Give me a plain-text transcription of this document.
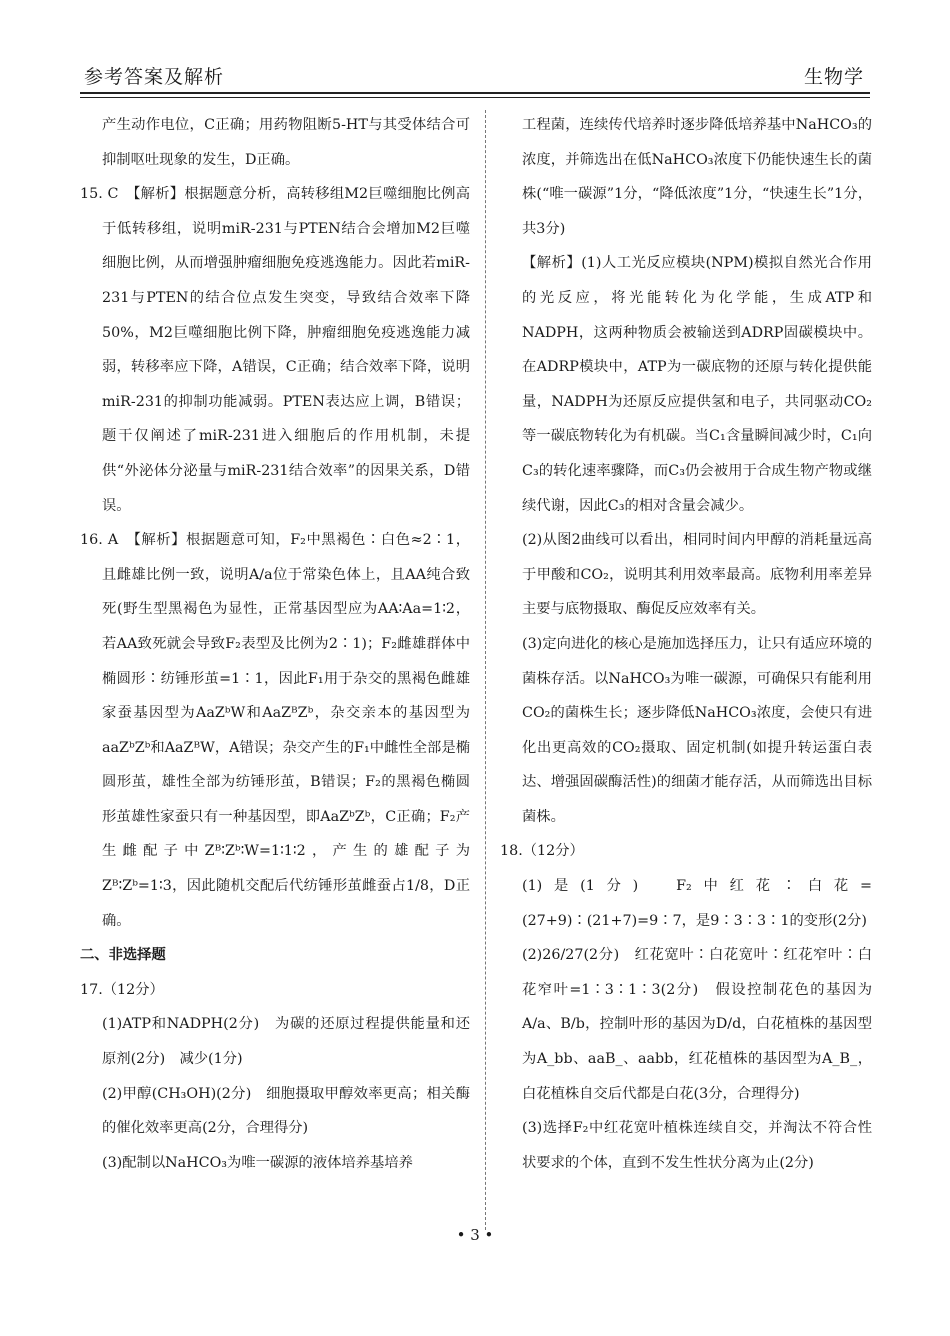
参考答案及解析	生物学

产生动作电位，C正确；用药物阻断5-HT与其受体结合可抑制呕吐现象的发生，D正确。

15. C　【解析】根据题意分析，高转移组M2巨噬细胞比例高于低转移组，说明miR-231与PTEN结合会增加M2巨噬细胞比例，从而增强肿瘤细胞免疫逃逸能力。因此若miR-231与PTEN的结合位点发生突变，导致结合效率下降50%，M2巨噬细胞比例下降，肿瘤细胞免疫逃逸能力减弱，转移率应下降，A错误，C正确；结合效率下降，说明miR-231的抑制功能减弱。PTEN表达应上调，B错误；题干仅阐述了miR-231进入细胞后的作用机制，未提供“外泌体分泌量与miR-231结合效率”的因果关系，D错误。

16. A　【解析】根据题意可知，F₂中黑褐色∶白色≈2∶1，且雌雄比例一致，说明A/a位于常染色体上，且AA纯合致死(野生型黑褐色为显性，正常基因型应为AA∶Aa=1∶2，若AA致死就会导致F₂表型及比例为2∶1)；F₂雌雄群体中椭圆形∶纺锤形茧=1∶1，因此F₁用于杂交的黑褐色雌雄家蚕基因型为AaZᵇW和AaZᴮZᵇ，杂交亲本的基因型为aaZᵇZᵇ和AaZᴮW，A错误；杂交产生的F₁中雌性全部是椭圆形茧，雄性全部为纺锤形茧，B错误；F₂的黑褐色椭圆形茧雄性家蚕只有一种基因型，即AaZᵇZᵇ，C正确；F₂产生雌配子中Zᴮ∶Zᵇ∶W=1∶1∶2，产生的雄配子为Zᴮ∶Zᵇ=1∶3，因此随机交配后代纺锤形茧雌蚕占1/8，D正确。

二、非选择题

17.（12分）

(1)ATP和NADPH(2分)　为碳的还原过程提供能量和还原剂(2分)　减少(1分)

(2)甲醇(CH₃OH)(2分)　细胞摄取甲醇效率更高；相关酶的催化效率更高(2分，合理得分)

(3)配制以NaHCO₃为唯一碳源的液体培养基培养

工程菌，连续传代培养时逐步降低培养基中NaHCO₃的浓度，并筛选出在低NaHCO₃浓度下仍能快速生长的菌株(“唯一碳源”1分，“降低浓度”1分，“快速生长”1分，共3分)

【解析】(1)人工光反应模块(NPM)模拟自然光合作用的光反应，将光能转化为化学能，生成ATP和NADPH，这两种物质会被输送到ADRP固碳模块中。在ADRP模块中，ATP为一碳底物的还原与转化提供能量，NADPH为还原反应提供氢和电子，共同驱动CO₂等一碳底物转化为有机碳。当C₁含量瞬间减少时，C₁向C₃的转化速率骤降，而C₃仍会被用于合成生物产物或继续代谢，因此C₃的相对含量会减少。

(2)从图2曲线可以看出，相同时间内甲醇的消耗量远高于甲酸和CO₂，说明其利用效率最高。底物利用率差异主要与底物摄取、酶促反应效率有关。

(3)定向进化的核心是施加选择压力，让只有适应环境的菌株存活。以NaHCO₃为唯一碳源，可确保只有能利用CO₂的菌株生长；逐步降低NaHCO₃浓度，会使只有进化出更高效的CO₂摄取、固定机制(如提升转运蛋白表达、增强固碳酶活性)的细菌才能存活，从而筛选出目标菌株。

18.（12分）

(1)是(1分)　F₂中红花∶白花=(27+9)∶(21+7)=9∶7，是9∶3∶3∶1的变形(2分)

(2)26/27(2分)　红花宽叶∶白花宽叶∶红花窄叶∶白花窄叶=1∶3∶1∶3(2分)　假设控制花色的基因为A/a、B/b，控制叶形的基因为D/d，白花植株的基因型为A_bb、aaB_、aabb，红花植株的基因型为A_B_，白花植株自交后代都是白花(3分，合理得分)

(3)选择F₂中红花宽叶植株连续自交，并淘汰不符合性状要求的个体，直到不发生性状分离为止(2分)

• 3 •
